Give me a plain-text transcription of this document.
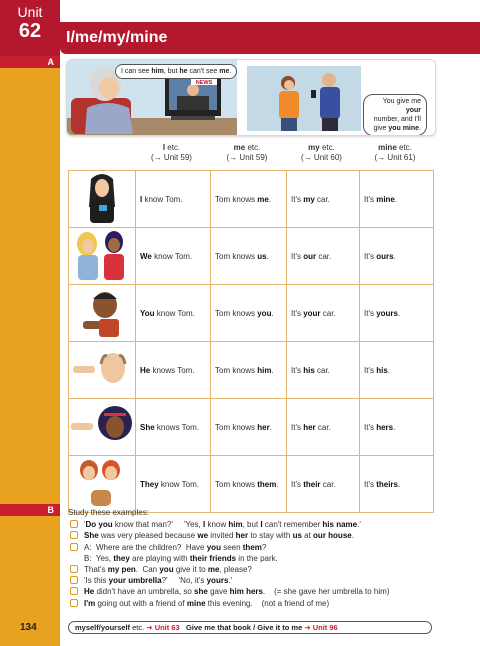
Unit
62
A
B
134
I/me/my/mine
NEWS
I can see him, but he can't see me.
You give me your
number, and I'll
give you mine.
I etc.
(→ Unit 59)
me etc.
(→ Unit 59)
my etc.
(→ Unit 60)
mine etc.
(→ Unit 61)
	I know Tom.	Tom knows me.	It's my car.	It's mine.
	We know Tom.	Tom knows us.	It's our car.	It's ours.
	You know Tom.	Tom knows you.	It's your car.	It's yours.
	He knows Tom.	Tom knows him.	It's his car.	It's his.
	She knows Tom.	Tom knows her.	It's her car.	It's hers.
	They know Tom.	Tom knows them.	It's their car.	It's theirs.
Study these examples:
'Do you know that man?'     'Yes, I know him, but I can't remember his name.'
She was very pleased because we invited her to stay with us at our house.
A:  Where are the children?  Have you seen them?
B:  Yes, they are playing with their friends in the park.
That's my pen.  Can you give it to me, please?
'Is this your umbrella?'     'No, it's yours.'
He didn't have an umbrella, so she gave him hers.    (= she gave her umbrella to him)
I'm going out with a friend of mine this evening.    (not a friend of me)
myself/yourself etc. ➜ Unit 63 Give me that book / Give it to me ➜ Unit 96
